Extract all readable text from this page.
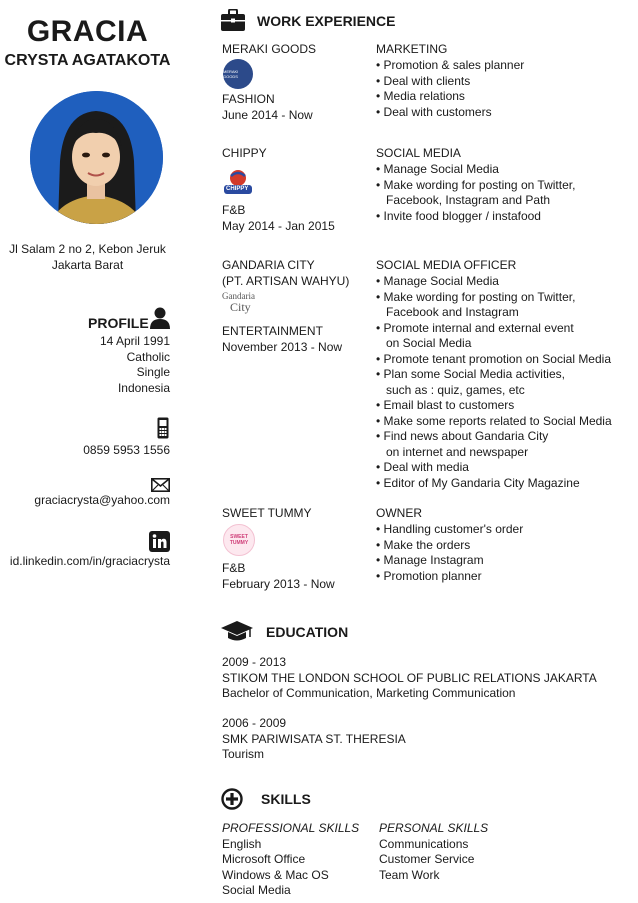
GRACIA
CRYSTA AGATAKOTA
Jl Salam 2 no 2, Kebon Jeruk
Jakarta Barat
PROFILE
14 April 1991
Catholic
Single
Indonesia
0859 5953 1556
graciacrysta@yahoo.com
id.linkedin.com/in/graciacrysta
WORK EXPERIENCE
MERAKI GOODS
MERAKI GOODS
FASHION
June 2014 - Now
MARKETING
• Promotion & sales planner
• Deal with clients
• Media relations
• Deal with customers
CHIPPY
CHIPPY
F&B
May 2014 - Jan 2015
SOCIAL MEDIA
• Manage Social Media
• Make wording for posting on Twitter,
Facebook, Instagram and Path
• Invite food blogger / instafood
GANDARIA CITY
(PT. ARTISAN WAHYU)
Gandaria
City
ENTERTAINMENT
November 2013 - Now
SOCIAL MEDIA OFFICER
• Manage Social Media
• Make wording for posting on Twitter,
Facebook and Instagram
• Promote internal and external event
on Social Media
• Promote tenant promotion on Social Media
• Plan some Social Media activities,
such as : quiz, games, etc
• Email blast to customers
• Make some reports related to Social Media
• Find news about Gandaria City
on internet and newspaper
• Deal with media
• Editor of My Gandaria City Magazine
SWEET TUMMY
SWEET TUMMY
F&B
February 2013 - Now
OWNER
• Handling customer's order
• Make the orders
• Manage Instagram
• Promotion planner
EDUCATION
2009 - 2013
STIKOM THE LONDON SCHOOL OF PUBLIC RELATIONS JAKARTA
Bachelor of Communication, Marketing Communication
2006 - 2009
SMK PARIWISATA ST. THERESIA
Tourism
SKILLS
PROFESSIONAL SKILLS
English
Microsoft Office
Windows & Mac OS
Social Media
PERSONAL SKILLS
Communications
Customer Service
Team Work
